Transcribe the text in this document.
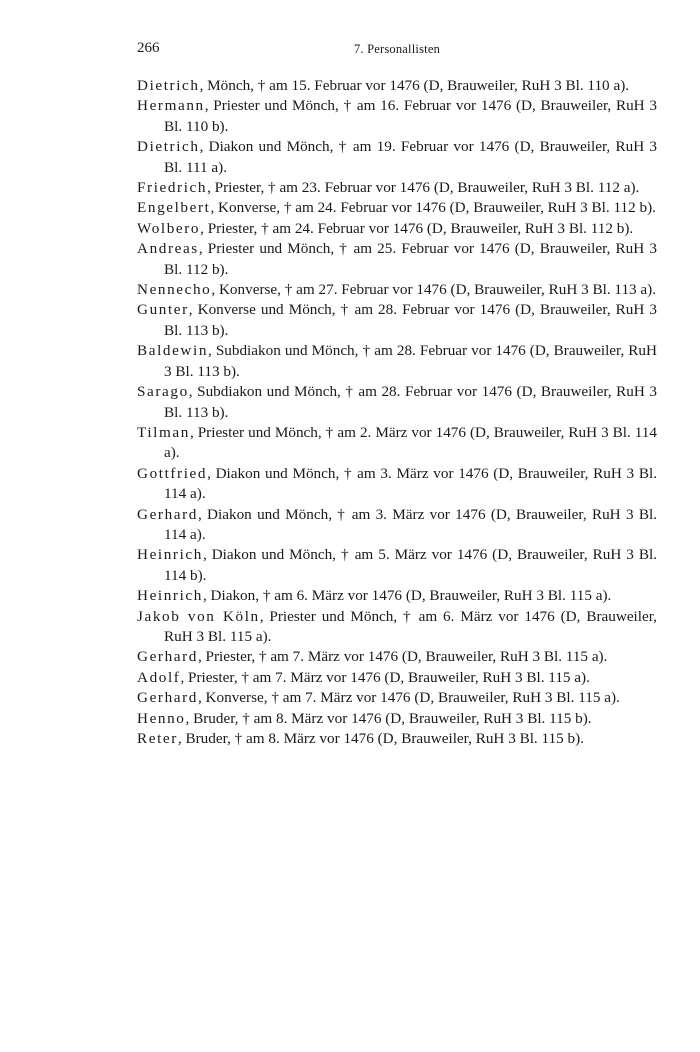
266	7. Personallisten

Dietrich, Mönch, † am 15. Februar vor 1476 (D, Brauweiler, RuH 3 Bl. 110 a).

Hermann, Priester und Mönch, † am 16. Februar vor 1476 (D, Brauweiler, RuH 3 Bl. 110 b).

Dietrich, Diakon und Mönch, † am 19. Februar vor 1476 (D, Brauweiler, RuH 3 Bl. 111 a).

Friedrich, Priester, † am 23. Februar vor 1476 (D, Brauweiler, RuH 3 Bl. 112 a).

Engelbert, Konverse, † am 24. Februar vor 1476 (D, Brauweiler, RuH 3 Bl. 112 b).

Wolbero, Priester, † am 24. Februar vor 1476 (D, Brauweiler, RuH 3 Bl. 112 b).

Andreas, Priester und Mönch, † am 25. Februar vor 1476 (D, Brauweiler, RuH 3 Bl. 112 b).

Nennecho, Konverse, † am 27. Februar vor 1476 (D, Brauweiler, RuH 3 Bl. 113 a).

Gunter, Konverse und Mönch, † am 28. Februar vor 1476 (D, Brauweiler, RuH 3 Bl. 113 b).

Baldewin, Subdiakon und Mönch, † am 28. Februar vor 1476 (D, Brauweiler, RuH 3 Bl. 113 b).

Sarago, Subdiakon und Mönch, † am 28. Februar vor 1476 (D, Brauweiler, RuH 3 Bl. 113 b).

Tilman, Priester und Mönch, † am 2. März vor 1476 (D, Brauweiler, RuH 3 Bl. 114 a).

Gottfried, Diakon und Mönch, † am 3. März vor 1476 (D, Brauweiler, RuH 3 Bl. 114 a).

Gerhard, Diakon und Mönch, † am 3. März vor 1476 (D, Brauweiler, RuH 3 Bl. 114 a).

Heinrich, Diakon und Mönch, † am 5. März vor 1476 (D, Brauweiler, RuH 3 Bl. 114 b).

Heinrich, Diakon, † am 6. März vor 1476 (D, Brauweiler, RuH 3 Bl. 115 a).

Jakob von Köln, Priester und Mönch, † am 6. März vor 1476 (D, Brauweiler, RuH 3 Bl. 115 a).

Gerhard, Priester, † am 7. März vor 1476 (D, Brauweiler, RuH 3 Bl. 115 a).

Adolf, Priester, † am 7. März vor 1476 (D, Brauweiler, RuH 3 Bl. 115 a).

Gerhard, Konverse, † am 7. März vor 1476 (D, Brauweiler, RuH 3 Bl. 115 a).

Henno, Bruder, † am 8. März vor 1476 (D, Brauweiler, RuH 3 Bl. 115 b).

Reter, Bruder, † am 8. März vor 1476 (D, Brauweiler, RuH 3 Bl. 115 b).
